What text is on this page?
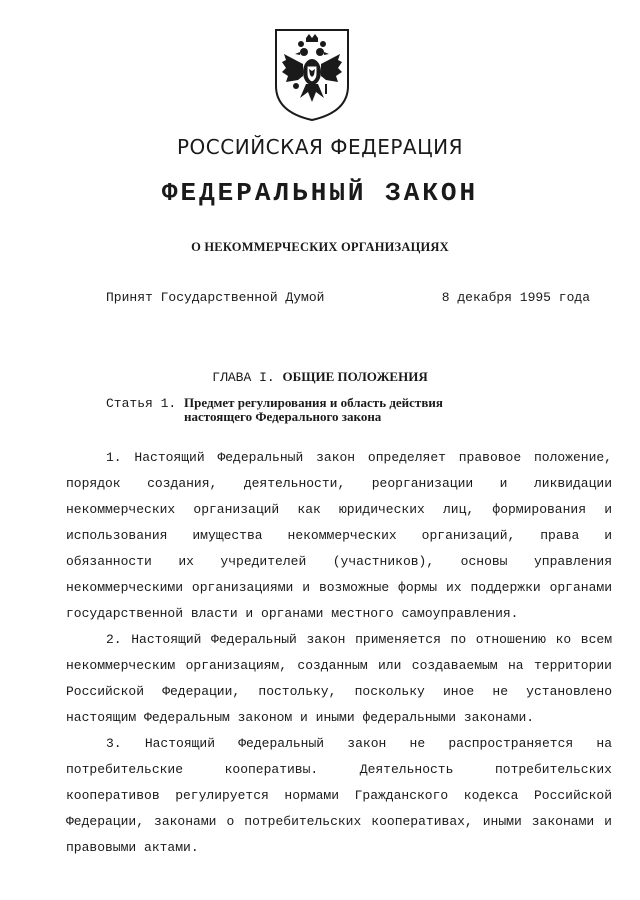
РОССИЙСКАЯ ФЕДЕРАЦИЯ
ФЕДЕРАЛЬНЫЙ ЗАКОН
О НЕКОММЕРЧЕСКИХ ОРГАНИЗАЦИЯХ
Принят Государственной Думой	8 декабря 1995 года
ГЛАВА I. ОБЩИЕ ПОЛОЖЕНИЯ
Статья 1. Предмет регулирования и область действия настоящего Федерального закона

1. Настоящий Федеральный закон определяет правовое положение, порядок создания, деятельности, реорганизации и ликвидации некоммерческих организаций как юридических лиц, формирования и использования имущества некоммерческих организаций, права и обязанности их учредителей (участников), основы управления некоммерческими организациями и возможные формы их поддержки органами государственной власти и органами местного самоуправления.

2. Настоящий Федеральный закон применяется по отношению ко всем некоммерческим организациям, созданным или создаваемым на территории Российской Федерации, постольку, поскольку иное не установлено настоящим Федеральным законом и иными федеральными законами.

3. Настоящий Федеральный закон не распространяется на потребительские кооперативы. Деятельность потребительских кооперативов регулируется нормами Гражданского кодекса Российской Федерации, законами о потребительских кооперативах, иными законами и правовыми актами.
